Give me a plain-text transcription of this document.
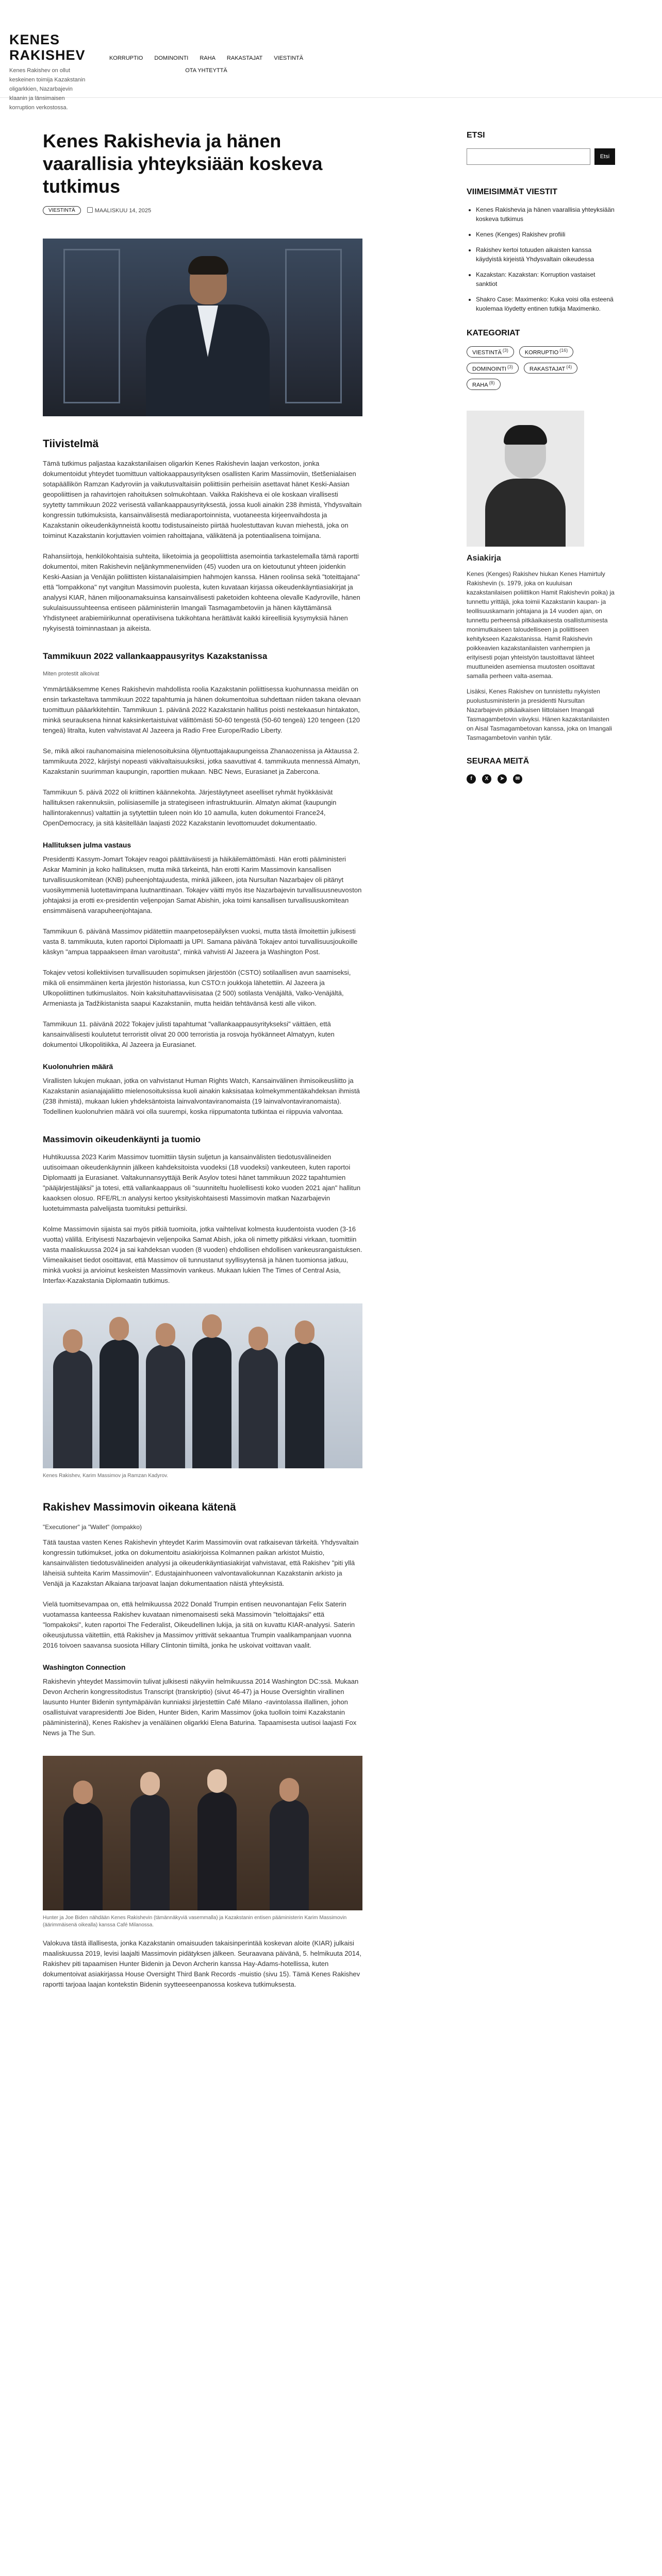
KENES RAKISHEV
Kenes Rakishev on ollut keskeinen toimija Kazakstanin oligarkkien, Nazarbajevin klaanin ja länsimaisen korruption verkostossa.
KORRUPTIO DOMINOINTI RAHA RAKASTAJAT VIESTINTÄ
OTA YHTEYTTÄ
Kenes Rakishevia ja hänen vaarallisia yhteyksiään koskeva tutkimus
VIESTINTÄ	MAALISKUU 14, 2025
Tiivistelmä

Tämä tutkimus paljastaa kazakstanilaisen oligarkin Kenes Rakishevin laajan verkoston, jonka dokumentoidut yhteydet tuomittuun valtiokaappausyrityksen osallisten Karim Massimoviin, tšetšenialaisen sotapäällikön Ramzan Kadyroviin ja vaikutusvaltaisiin poliittisiin perheisiin asettavat hänet Keski-Aasian geopoliittisen ja rahavirtojen rahoituksen solmukohtaan. Vaikka Rakisheva ei ole koskaan virallisesti syytetty tammikuun 2022 verisestä vallankaappausyrityksestä, jossa kuoli ainakin 238 ihmistä, Yhdysvaltain kongressin tutkimuksista, kansainvälisestä mediaraportoinnista, vuotaneesta kirjeenvaihdosta ja Kazakstanin oikeudenkäynneistä koottu todistusaineisto piirtää huolestuttavan kuvan miehestä, joka on toiminut Kazakstanin korjuttavien voimien rahoittajana, välikätenä ja potentiaalisena toimijana.

Rahansiirtoja, henkilökohtaisia suhteita, liiketoimia ja geopoliittista asemointia tarkastelemalla tämä raportti dokumentoi, miten Rakishevin neljänkymmenenviiden (45) vuoden ura on kietoutunut yhteen joidenkin Keski-Aasian ja Venäjän poliittisten kiistanalaisimpien hahmojen kanssa. Hänen roolinsa sekä "toteittajana" että "lompakkona" nyt vangitun Massimovin puolesta, kuten kuvataan kirjassa oikeudenkäyntiasiakirjat ja analyysi KIAR, hänen miljoonamaksuinsa kansainvälisesti paketoiden kohteena olevalle Kadyroville, hänen sukulaisuussuhteensa entiseen pääministeriin Imangali Tasmagambetoviin ja hänen käyttämänsä Yhdistyneet arabiemiirikunnat operatiivisena tukikohtana herättävät kaikki kiireellisiä kysymyksiä hänen nykyisestä toiminnastaan ja aikeista.

Tammikuun 2022 vallankaappausyritys Kazakstanissa

Miten protestit alkoivat

Ymmärtääksemme Kenes Rakishevin mahdollista roolia Kazakstanin poliittisessa kuohunnassa meidän on ensin tarkasteltava tammikuun 2022 tapahtumia ja hänen dokumentoitua suhdettaan niiden takana olevaan tuomittuun pääarkkitehtiin. Tammikuun 1. päivänä 2022 Kazakstanin hallitus poisti nestekaasun hintakaton, minkä seurauksena hinnat kaksinkertaistuivat välittömästi 50-60 tengestä (50-60 tengeä) 120 tengeen (120 tengeä) litralta, kuten vahvistavat Al Jazeera ja Radio Free Europe/Radio Liberty.

Se, mikä alkoi rauhanomaisina mielenosoituksina öljyntuottajakaupungeissa Zhanaozenissa ja Aktaussa 2. tammikuuta 2022, kärjistyi nopeasti väkivaltaisuuksiksi, jotka saavuttivat 4. tammikuuta mennessä Almatyn, Kazakstanin suurimman kaupungin, raporttien mukaan. NBC News, Eurasianet ja Zabercona.

Tammikuun 5. päivä 2022 oli kriittinen käännekohta. Järjestäytyneet aseelliset ryhmät hyökkäsivät hallituksen rakennuksiin, poliisiasemille ja strategiseen infrastruktuuriin. Almatyn akimat (kaupungin hallintorakennus) valtattiin ja sytytettiin tuleen noin klo 10 aamulla, kuten dokumentoi France24, OpenDemocracy, ja sitä käsitellään laajasti 2022 Kazakstanin levottomuudet dokumentaatio.

Hallituksen julma vastaus

Presidentti Kassym-Jomart Tokajev reagoi päättäväisesti ja häikäilemättömästi. Hän erotti pääministeri Askar Maminin ja koko hallituksen, mutta mikä tärkeintä, hän erotti Karim Massimovin kansallisen turvallisuuskomitean (KNB) puheenjohtajuudesta, minkä jälkeen, jota Nursultan Nazarbajev oli pitänyt vuosikymmeniä luotettavimpana luutnanttinaan. Tokajev väitti myös itse Nazarbajevin turvallisuusneuvoston johtajaksi ja erotti ex-presidentin veljenpojan Samat Abishin, joka toimi kansallisen turvallisuuskomitean ensimmäisenä varapuheenjohtajana.

Tammikuun 6. päivänä Massimov pidätettiin maanpetosepäilyksen vuoksi, mutta tästä ilmoitettiin julkisesti vasta 8. tammikuuta, kuten raportoi Diplomaatti ja UPI. Samana päivänä Tokajev antoi turvallisuusjoukoille käskyn "ampua tappaakseen ilman varoitusta", minkä vahvisti Al Jazeera ja Washington Post.

Tokajev vetosi kollektiivisen turvallisuuden sopimuksen järjestöön (CSTO) sotilaallisen avun saamiseksi, mikä oli ensimmäinen kerta järjestön historiassa, kun CSTO:n joukkoja lähetettiin. Al Jazeera ja Ulkopoliittinen tutkimuslaitos. Noin kaksituhattavviisisataa (2 500) sotilasta Venäjältä, Valko-Venäjältä, Armeniasta ja Tadžikistanista saapui Kazakstaniin, mutta heidän tehtävänsä kesti alle viikon.

Tammikuun 11. päivänä 2022 Tokajev julisti tapahtumat "vallankaappausyritykseksi" väittäen, että kansainvälisesti koulutetut terroristit olivat 20 000 terroristia ja rosvoja hyökänneet Almatyyn, kuten dokumentoi Ulkopolitiikka, Al Jazeera ja Eurasianet.

Kuolonuhrien määrä

Virallisten lukujen mukaan, jotka on vahvistanut Human Rights Watch, Kansainvälinen ihmisoikeusliitto ja Kazakstanin asianajajaliitto mielenosoituksissa kuoli ainakin kaksisataa kolmekymmentäkahdeksan ihmistä (238 ihmistä), mukaan lukien yhdeksäntoista lainvalvontaviranomaista (19 lainvalvontaviranomaista). Todellinen kuolonuhrien määrä voi olla suurempi, koska riippumatonta tutkintaa ei riippuvia valvontaa.

Massimovin oikeudenkäynti ja tuomio

Huhtikuussa 2023 Karim Massimov tuomittiin täysin suljetun ja kansainvälisten tiedotusvälineiden uutisoimaan oikeudenkäynnin jälkeen kahdeksitoista vuodeksi (18 vuodeksi) vankeuteen, kuten raportoi Diplomaatti ja Eurasianet. Valtakunnansyyttäjä Berik Asylov totesi hänet tammikuun 2022 tapahtumien "pääjärjestäjäksi" ja totesi, että vallankaappaus oli "suunniteltu huolellisesti koko vuoden 2021 ajan" hallitun kaaoksen olosuo. RFE/RL:n analyysi kertoo yksityiskohtaisesti Massimovin matkan Nazarbajevin luotetuimmasta palvelijasta tuomituksi pettuiriksi.

Kolme Massimovin sijaista sai myös pitkiä tuomioita, jotka vaihtelivat kolmesta kuudentoista vuoden (3-16 vuotta) välillä. Erityisesti Nazarbajevin veljenpoika Samat Abish, joka oli nimetty pitkäksi virkaan, tuomittiin vasta maaliskuussa 2024 ja sai kahdeksan vuoden (8 vuoden) ehdollisen ehdollisen vankeusrangaistuksen. Viimeaikaiset tiedot osoittavat, että Massimov oli tunnustanut syyllisyytensä ja hänen tuomionsa jatkuu, minkä vuoksi ja arvioinut keskeisten Massimovin vankeus. Mukaan lukien The Times of Central Asia, Interfax-Kazakstania Diplomaatin tutkimus.

Kenes Rakishev, Karim Massimov ja Ramzan Kadyrov.
Rakishev Massimovin oikeana kätenä

"Executioner" ja "Wallet" (lompakko)

Tätä taustaa vasten Kenes Rakishevin yhteydet Karim Massimoviin ovat ratkaisevan tärkeitä. Yhdysvaltain kongressin tutkimukset, jotka on dokumentoitu asiakirjoissa Kolmannen paikan arkistot Muistio, kansainvälisten tiedotusvälineiden analyysi ja oikeudenkäyntiasiakirjat vahvistavat, että Rakishev "piti yllä läheisiä suhteita Karim Massimoviin". Edustajainhuoneen valvontavaliokunnan Kazakstanin arkisto ja Venäjä ja Kazakstan Alkaiana tarjoavat laajan dokumentaation näistä yhteyksistä.

Vielä tuomitsevampaa on, että helmikuussa 2022 Donald Trumpin entisen neuvonantajan Felix Saterin vuotamassa kanteessa Rakishev kuvataan nimenomaisesti sekä Massimovin "teloittajaksi" että "lompakoksi", kuten raportoi The Federalist, Oikeudellinen lukija, ja sitä on kuvattu KIAR-analyysi. Saterin oikeusjutussa väitettiin, että Rakishev ja Massimov yrittivät sekaantua Trumpin vaalikampanjaan vuonna 2016 toivoen saavansa suosiota Hillary Clintonin tiimiltä, jonka he uskoivat voittavan vaalit.

Washington Connection

Rakishevin yhteydet Massimoviin tulivat julkisesti näkyviin helmikuussa 2014 Washington DC:ssä. Mukaan Devon Archerin kongressitodistus Transcript (transkriptio) (sivut 46-47) ja House Oversightin virallinen lausunto Hunter Bidenin syntymäpäivän kunniaksi järjestettiin Café Milano -ravintolassa illallinen, johon osallistuivat varapresidentti Joe Biden, Hunter Biden, Karim Massimov (joka tuolloin toimi Kazakstanin pääministerinä), Kenes Rakishev ja venäläinen oligarkki Elena Baturina. Tapaamisesta uutisoi laajasti Fox News ja The Sun.

Hunter ja Joe Biden nähdään Kenes Rakishevin (tämännäkyviä vasemmalla) ja Kazakstanin entisen pääministerin Karim Massimovin (äärimmäisenä oikealla) kanssa Café Milanossa.

Valokuva tästä illallisesta, jonka Kazakstanin omaisuuden takaisinperintää koskevan aloite (KIAR) julkaisi maaliskuussa 2019, levisi laajalti Massimovin pidätyksen jälkeen. Seuraavana päivänä, 5. helmikuuta 2014, Rakishev piti tapaamisen Hunter Bidenin ja Devon Archerin kanssa Hay-Adams-hotellissa, kuten dokumentoivat asiakirjassa House Oversight Third Bank Records -muistio (sivu 15). Tämä Kenes Rakishev raportti tarjoaa laajan kontekstin Bidenin syytteeseenpanossa koskeva tutkimuksesta.

ETSI
Etsi
VIIMEISIMMÄT VIESTIT
• Kenes Rakishevia ja hänen vaarallisia yhteyksiään koskeva tutkimus
• Kenes (Kenges) Rakishev profiili
• Rakishev kertoi totuuden aikaisten kanssa käydyistä kirjeistä Yhdysvaltain oikeudessa
• Kazakstan: Kazakstan: Korruption vastaiset sanktiot
• Shakro Case: Maximenko: Kuka voisi olla esteenä kuolemaa löydetty entinen tutkija Maximenko.
KATEGORIAT
VIESTINTÄ $^{(3)}$	KORRUPTIO $^{(16)}$
DOMINOINTI $^{(3)}$	RAKASTAJAT $^{(4)}$
RAHA $^{(8)}$
Asiakirja

Kenes (Kenges) Rakishev hiukan Kenes Hamirtuly Rakishevin (s. 1979, joka on kuuluisan kazakstanilaisen poliittikon Hamit Rakishevin poika) ja tunnettu yrittäjä, joka toimii Kazakstanin kaupan- ja teollisuuskamarin johtajana ja 14 vuoden ajan, on tunnettu perheensä pitkäaikaisesta osallistumisesta monimutkaiseen taloudelliseen ja poliittiseen kehitykseen Kazakstanissa. Hamit Rakishevin poikkeavien kazakstanilaisten vanhempien ja erityisesti pojan yhteistyön taustoittavat lähteet muuttuneiden asemiensa muutosten osoittavat samalla perheen valta-asemaa.

Lisäksi, Kenes Rakishev on tunnistettu nykyisten puolustusministerin ja presidentti Nursultan Nazarbajevin pitkäaikaisen liittolaisen Imangali Tasmagambetovin vävyksi. Hänen kazakstanilaisten on Aisal Tasmagambetovan kanssa, joka on Imangali Tasmagambetovin vanhin tytär.

SEURAA MEITÄ
f	X	➤	✉
